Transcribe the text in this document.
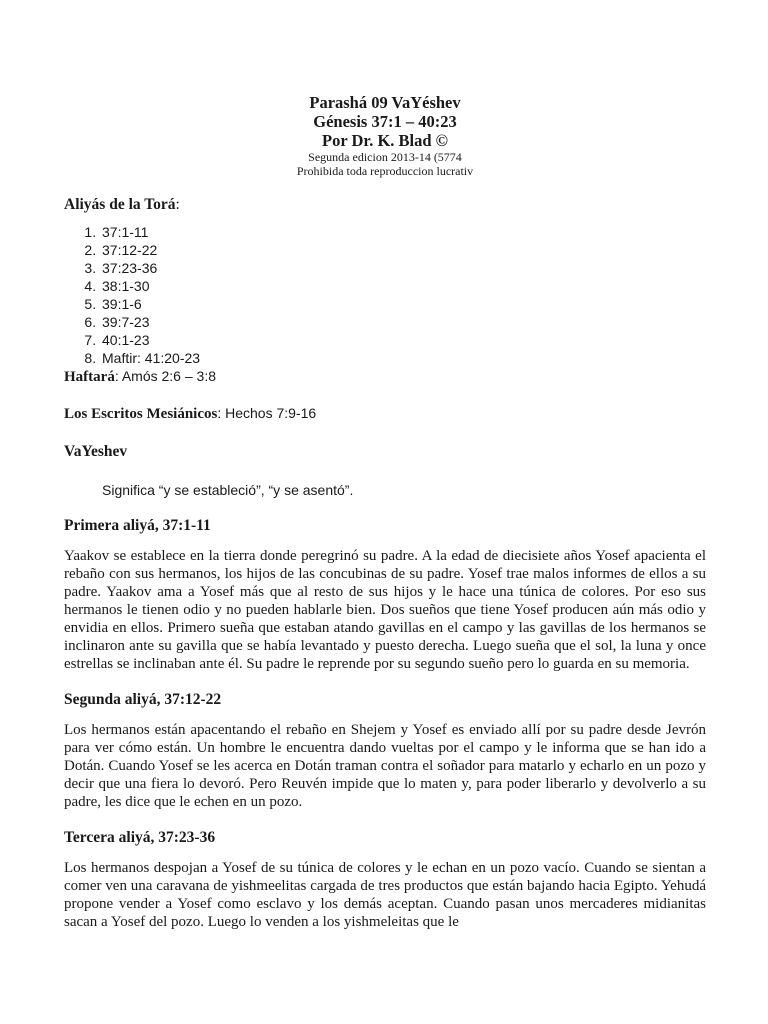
Parashá 09 VaYéshev
Génesis 37:1 – 40:23
Por Dr. K. Blad ©
Segunda edicion 2013-14 (5774
Prohibida toda reproduccion lucrativ
Aliyás de la Torá:
1. 37:1-11
2. 37:12-22
3. 37:23-36
4. 38:1-30
5. 39:1-6
6. 39:7-23
7. 40:1-23
8. Maftir: 41:20-23
Haftará: Amós 2:6 – 3:8
Los Escritos Mesiánicos: Hechos 7:9-16
VaYeshev
Significa “y se estableció”, “y se asentó”.
Primera aliyá, 37:1-11

Yaakov se establece en la tierra donde peregrinó su padre. A la edad de diecisiete años Yosef apacienta el rebaño con sus hermanos, los hijos de las concubinas de su padre. Yosef trae malos informes de ellos a su padre. Yaakov ama a Yosef más que al resto de sus hijos y le hace una túnica de colores. Por eso sus hermanos le tienen odio y no pueden hablarle bien. Dos sueños que tiene Yosef producen aún más odio y envidia en ellos. Primero sueña que estaban atando gavillas en el campo y las gavillas de los hermanos se inclinaron ante su gavilla que se había levantado y puesto derecha. Luego sueña que el sol, la luna y once estrellas se inclinaban ante él. Su padre le reprende por su segundo sueño pero lo guarda en su memoria.

Segunda aliyá, 37:12-22

Los hermanos están apacentando el rebaño en Shejem y Yosef es enviado allí por su padre desde Jevrón para ver cómo están. Un hombre le encuentra dando vueltas por el campo y le informa que se han ido a Dotán. Cuando Yosef se les acerca en Dotán traman contra el soñador para matarlo y echarlo en un pozo y decir que una fiera lo devoró. Pero Reuvén impide que lo maten y, para poder liberarlo y devolverlo a su padre, les dice que le echen en un pozo.

Tercera aliyá, 37:23-36

Los hermanos despojan a Yosef de su túnica de colores y le echan en un pozo vacío. Cuando se sientan a comer ven una caravana de yishmeelitas cargada de tres productos que están bajando hacia Egipto. Yehudá propone vender a Yosef como esclavo y los demás aceptan. Cuando pasan unos mercaderes midianitas sacan a Yosef del pozo. Luego lo venden a los yishmeleitas que le
